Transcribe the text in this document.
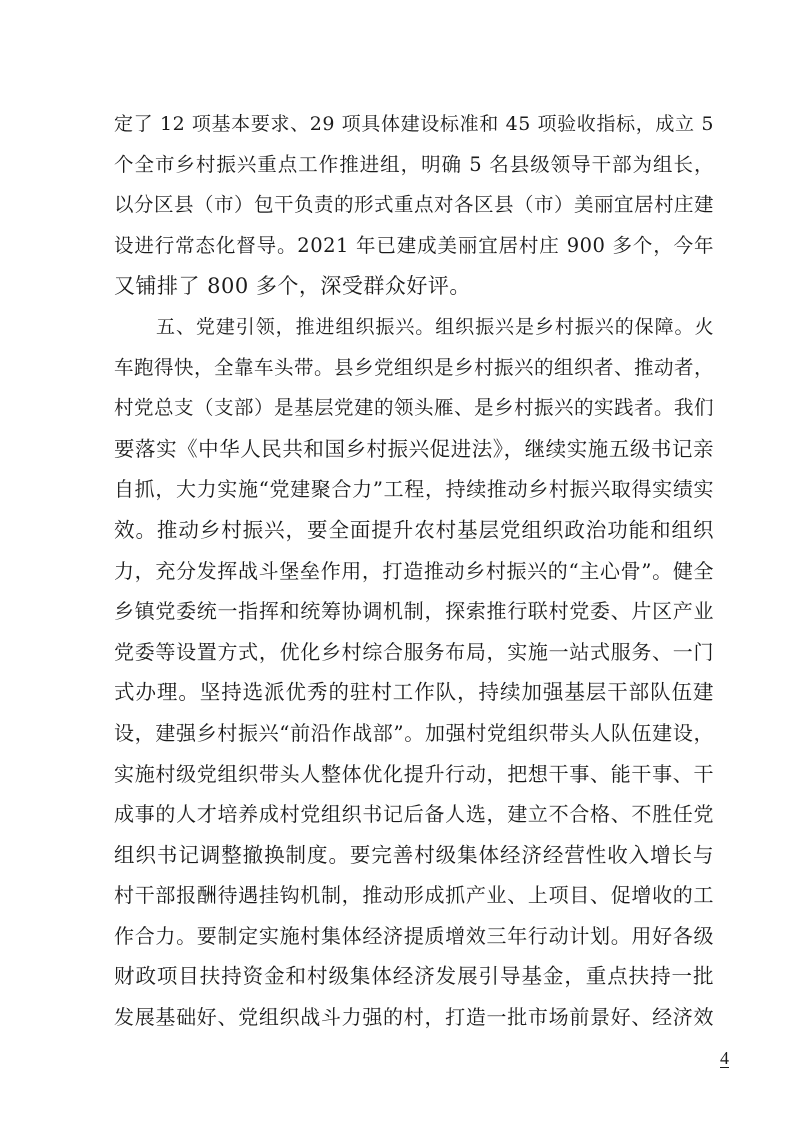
定了 12 项基本要求、29 项具体建设标准和 45 项验收指标，成立 5
个全市乡村振兴重点工作推进组，明确 5 名县级领导干部为组长，
以分区县（市）包干负责的形式重点对各区县（市）美丽宜居村庄建
设进行常态化督导。2021 年已建成美丽宜居村庄 900 多个，今年
又铺排了 800 多个，深受群众好评。
五、党建引领，推进组织振兴。组织振兴是乡村振兴的保障。火
车跑得快，全靠车头带。县乡党组织是乡村振兴的组织者、推动者，
村党总支（支部）是基层党建的领头雁、是乡村振兴的实践者。我们
要落实《中华人民共和国乡村振兴促进法》，继续实施五级书记亲
自抓，大力实施“党建聚合力”工程，持续推动乡村振兴取得实绩实
效。推动乡村振兴，要全面提升农村基层党组织政治功能和组织
力，充分发挥战斗堡垒作用，打造推动乡村振兴的“主心骨”。健全
乡镇党委统一指挥和统筹协调机制，探索推行联村党委、片区产业
党委等设置方式，优化乡村综合服务布局，实施一站式服务、一门
式办理。坚持选派优秀的驻村工作队，持续加强基层干部队伍建
设，建强乡村振兴“前沿作战部”。加强村党组织带头人队伍建设，
实施村级党组织带头人整体优化提升行动，把想干事、能干事、干
成事的人才培养成村党组织书记后备人选，建立不合格、不胜任党
组织书记调整撤换制度。要完善村级集体经济经营性收入增长与
村干部报酬待遇挂钩机制，推动形成抓产业、上项目、促增收的工
作合力。要制定实施村集体经济提质增效三年行动计划。用好各级
财政项目扶持资金和村级集体经济发展引导基金，重点扶持一批
发展基础好、党组织战斗力强的村，打造一批市场前景好、经济效
4
